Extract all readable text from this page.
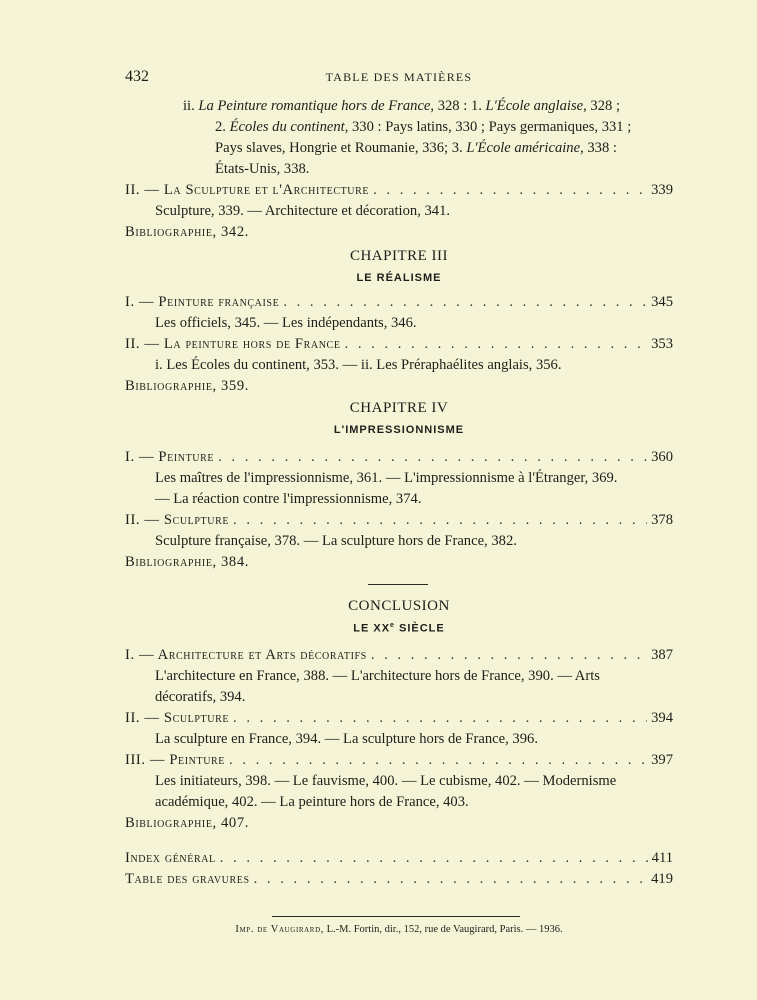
432	TABLE DES MATIÈRES
ii. La Peinture romantique hors de France, 328 : 1. L'École anglaise, 328 ;
2. Écoles du continent, 330 : Pays latins, 330 ; Pays germaniques, 331 ;
Pays slaves, Hongrie et Roumanie, 336; 3. L'École américaine, 338 :
États-Unis, 338.
II. — La Sculpture et l'Architecture . . .	339
Sculpture, 339. — Architecture et décoration, 341.
Bibliographie, 342.
CHAPITRE III
LE RÉALISME
I. — Peinture française . . .	345
Les officiels, 345. — Les indépendants, 346.
II. — La peinture hors de France . . .	353
i. Les Écoles du continent, 353. — ii. Les Préraphaélites anglais, 356.
Bibliographie, 359.
CHAPITRE IV
L'IMPRESSIONNISME
I. — Peinture . . .	360
Les maîtres de l'impressionnisme, 361. — L'impressionnisme à l'Étranger, 369.
— La réaction contre l'impressionnisme, 374.
II. — Sculpture . . .	378
Sculpture française, 378. — La sculpture hors de France, 382.
Bibliographie, 384.
CONCLUSION
LE XXe SIÈCLE
I. — Architecture et Arts décoratifs . . .	387
L'architecture en France, 388. — L'architecture hors de France, 390. — Arts
décoratifs, 394.
II. — Sculpture . . .	394
La sculpture en France, 394. — La sculpture hors de France, 396.
III. — Peinture . . .	397
Les initiateurs, 398. — Le fauvisme, 400. — Le cubisme, 402. — Modernisme
académique, 402. — La peinture hors de France, 403.
Bibliographie, 407.
Index général . . .	411
Table des gravures . . .	419
Imp. de Vaugirard, L.-M. Fortin, dir., 152, rue de Vaugirard, Paris. — 1936.
